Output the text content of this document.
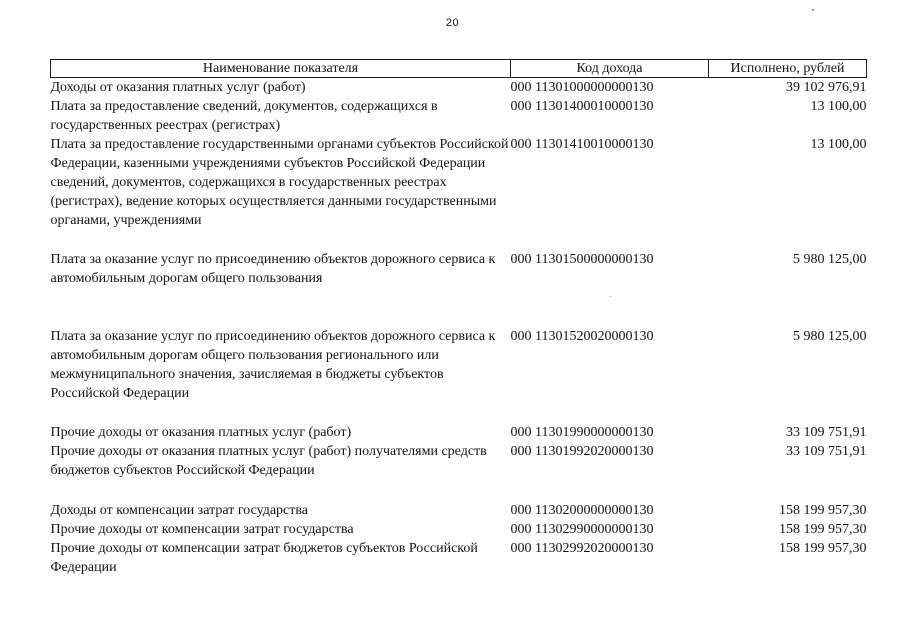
20
Наименование показателя	Код дохода	Исполнено, рублей
Доходы от оказания платных услуг (работ)	000 11301000000000130	39 102 976,91
Плата за предоставление сведений, документов, содержащихся в государственных реестрах (регистрах)	000 11301400010000130	13 100,00
Плата за предоставление государственными органами субъектов Российской Федерации, казенными учреждениями субъектов Российской Федерации сведений, документов, содержащихся в государственных реестрах (регистрах), ведение которых осуществляется данными государственными органами, учреждениями	000 11301410010000130	13 100,00
Плата за оказание услуг по присоединению объектов дорожного сервиса к автомобильным дорогам общего пользования	000 11301500000000130	5 980 125,00
Плата за оказание услуг по присоединению объектов дорожного сервиса к автомобильным дорогам общего пользования регионального или межмуниципального значения, зачисляемая в бюджеты субъектов Российской Федерации	000 11301520020000130	5 980 125,00
Прочие доходы от оказания платных услуг (работ)	000 11301990000000130	33 109 751,91
Прочие доходы от оказания платных услуг (работ) получателями средств бюджетов субъектов Российской Федерации	000 11301992020000130	33 109 751,91
Доходы от компенсации затрат государства	000 11302000000000130	158 199 957,30
Прочие доходы от компенсации затрат государства	000 11302990000000130	158 199 957,30
Прочие доходы от компенсации затрат бюджетов субъектов Российской Федерации	000 11302992020000130	158 199 957,30
